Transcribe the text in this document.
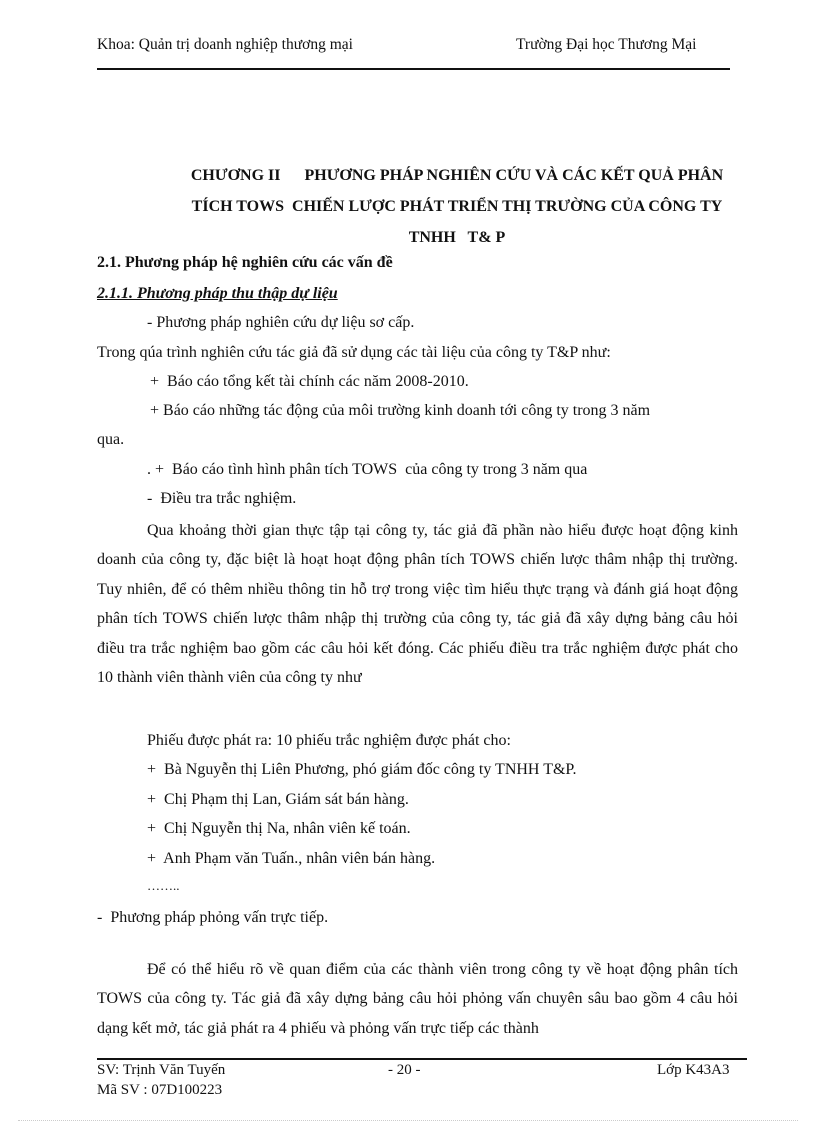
Khoa: Quản trị doanh nghiệp thương mại	Trường Đại học Thương Mại
CHƯƠNG II      PHƯƠNG PHÁP NGHIÊN CỨU VÀ CÁC KẾT QUẢ PHÂN
TÍCH TOWS  CHIẾN LƯỢC PHÁT TRIỂN THỊ TRƯỜNG CỦA CÔNG TY
TNHH   T& P
2.1. Phương pháp hệ nghiên cứu các vấn đề
2.1.1. Phương pháp thu thập dự liệu
- Phương pháp nghiên cứu dự liệu sơ cấp.
Trong qúa trình nghiên cứu tác giả đã sử dụng các tài liệu của công ty T&P như:
+  Báo cáo tổng kết tài chính các năm 2008-2010.
+ Báo cáo những tác động của môi trường kinh doanh tới công ty trong 3 năm
qua.
. +  Báo cáo tình hình phân tích TOWS  của công ty trong 3 năm qua
-  Điều tra trắc nghiệm.
Qua khoảng thời gian thực tập tại công ty, tác giả đã phần nào hiểu được hoạt động kinh doanh của công ty, đặc biệt là hoạt hoạt động phân tích TOWS chiến lược thâm nhập thị trường. Tuy nhiên, để có thêm nhiều thông tin hỗ trợ trong việc tìm hiểu thực trạng và đánh giá hoạt động phân tích TOWS chiến lược thâm nhập thị trường của công ty, tác giả đã xây dựng bảng câu hỏi điều tra trắc nghiệm bao gồm các câu hỏi kết đóng. Các phiếu điều tra trắc nghiệm được phát cho 10 thành viên thành viên của công ty như
Phiếu được phát ra: 10 phiếu trắc nghiệm được phát cho:
+  Bà Nguyễn thị Liên Phương, phó giám đốc công ty TNHH T&P.
+  Chị Phạm thị Lan, Giám sát bán hàng.
+  Chị Nguyễn thị Na, nhân viên kế toán.
+  Anh Phạm văn Tuấn., nhân viên bán hàng.
……..
-  Phương pháp phỏng vấn trực tiếp.
Để có thể hiểu rõ về quan điểm của các thành viên trong công ty về hoạt động phân tích TOWS của công ty. Tác giả đã xây dựng bảng câu hỏi phỏng vấn chuyên sâu bao gồm 4 câu hỏi dạng kết mở, tác giả phát ra 4 phiếu và phỏng vấn trực tiếp các thành
SV: Trịnh Văn Tuyến	- 20 -	Lớp K43A3
Mã SV : 07D100223
